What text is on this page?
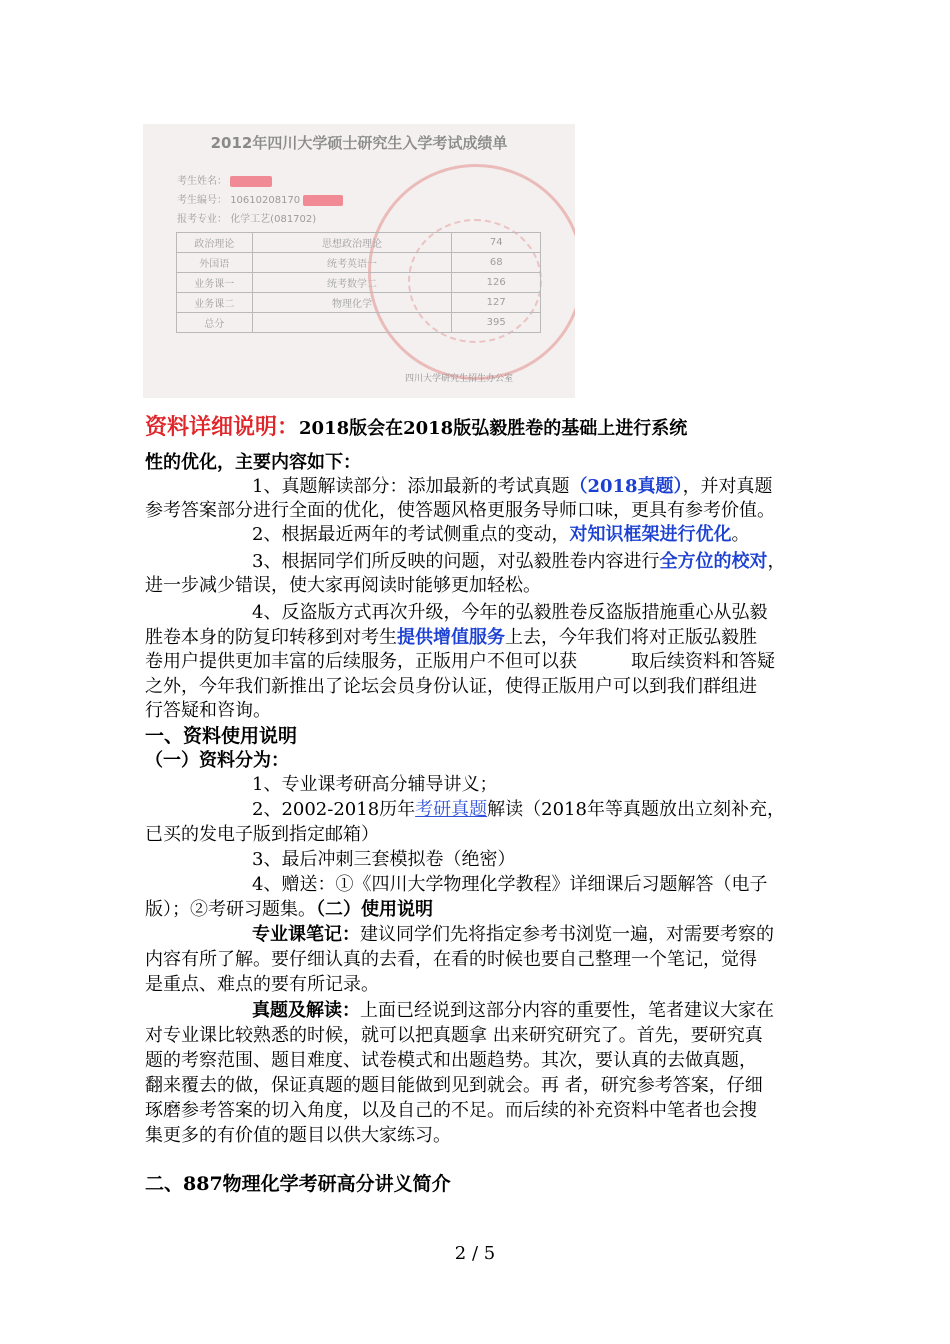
2012年四川大学硕士研究生入学考试成绩单
考生姓名：
考生编号： 10610208170
报考专业： 化学工艺(081702)
政治理论	思想政治理论	74
外国语	统考英语一	68
业务课一	统考数学二	126
业务课二	物理化学	127
总分		395
四川大学研究生招生办公室
资料详细说明：2018版会在2018版弘毅胜卷的基础上进行系统
性的优化，主要内容如下：
1、真题解读部分：添加最新的考试真题（2018真题），并对真题
参考答案部分进行全面的优化，使答题风格更服务导师口味，更具有参考价值。
2、根据最近两年的考试侧重点的变动，对知识框架进行优化。
3、根据同学们所反映的问题，对弘毅胜卷内容进行全方位的校对，
进一步减少错误，使大家再阅读时能够更加轻松。
4、反盗版方式再次升级，今年的弘毅胜卷反盗版措施重心从弘毅
胜卷本身的防复印转移到对考生提供增值服务上去，今年我们将对正版弘毅胜
卷用户提供更加丰富的后续服务，正版用户不但可以获	取后续资料和答疑
之外，今年我们新推出了论坛会员身份认证，使得正版用户可以到我们群组进
行答疑和咨询。
一、资料使用说明
（一）资料分为：
1、专业课考研高分辅导讲义；
2、2002-2018历年考研真题解读（2018年等真题放出立刻补充，
已买的发电子版到指定邮箱）
3、最后冲刺三套模拟卷（绝密）
4、赠送：①《四川大学物理化学教程》详细课后习题解答（电子
版）；②考研习题集。（二）使用说明
专业课笔记：建议同学们先将指定参考书浏览一遍，对需要考察的
内容有所了解。要仔细认真的去看，在看的时候也要自己整理一个笔记，觉得
是重点、难点的要有所记录。
真题及解读：上面已经说到这部分内容的重要性，笔者建议大家在
对专业课比较熟悉的时候，就可以把真题拿 出来研究研究了。首先，要研究真
题的考察范围、题目难度、试卷模式和出题趋势。其次，要认真的去做真题，
翻来覆去的做，保证真题的题目能做到见到就会。再 者，研究参考答案，仔细
琢磨参考答案的切入角度，以及自己的不足。而后续的补充资料中笔者也会搜
集更多的有价值的题目以供大家练习。
二、887物理化学考研高分讲义简介
2 / 5
